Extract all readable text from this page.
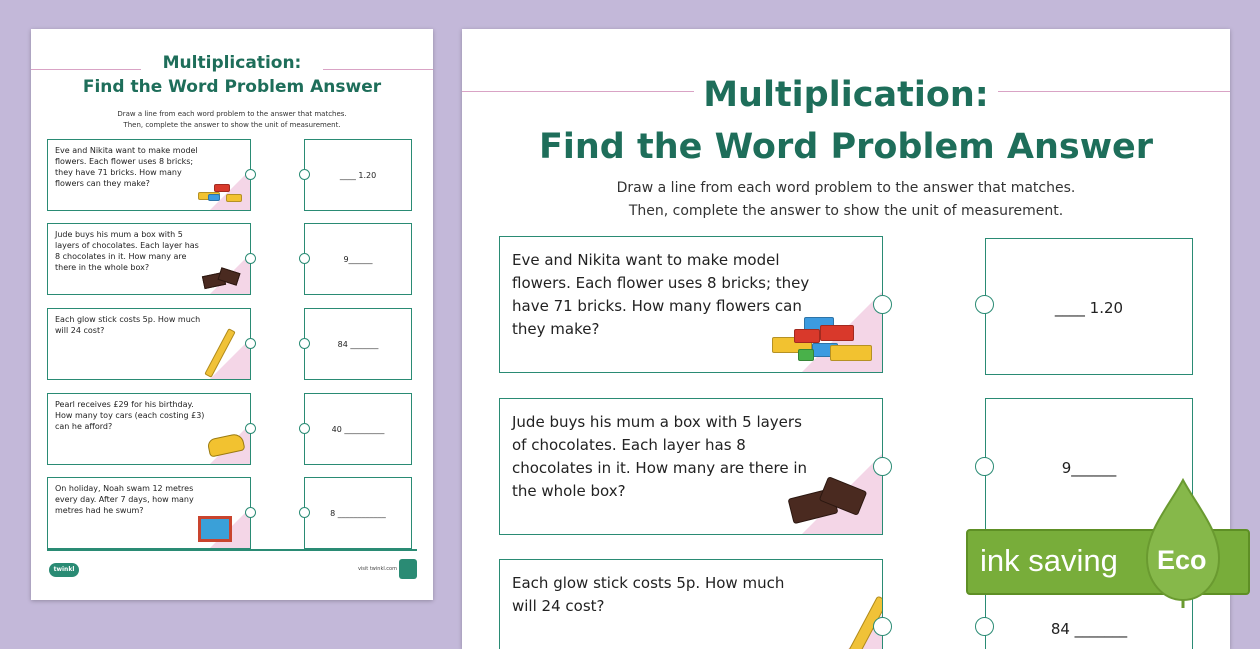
Multiplication:
Find the Word Problem Answer
Draw a line from each word problem to the answer that matches.
Then, complete the answer to show the unit of measurement.
Eve and Nikita want to make model flowers. Each flower uses 8 bricks; they have 71 bricks. How many flowers can they make?
____ 1.20
Jude buys his mum a box with 5 layers of chocolates. Each layer has 8 chocolates in it. How many are there in the whole box?
9______
Each glow stick costs 5p. How much will 24 cost?
84 _______
Pearl receives £29 for his birthday. How many toy cars (each costing £3) can he afford?	40 __________
On holiday, Noah swam 12 metres every day. After 7 days, how many metres had he swum?	8 ____________
twinkl	visit twinkl.com
Multiplication:
Find the Word Problem Answer
Draw a line from each word problem to the answer that matches.
Then, complete the answer to show the unit of measurement.
Eve and Nikita want to make model flowers. Each flower uses 8 bricks; they have 71 bricks. How many flowers can they make?
____ 1.20
Jude buys his mum a box with 5 layers of chocolates. Each layer has 8 chocolates in it. How many are there in the whole box?
9______
Each glow stick costs 5p. How much will 24 cost?
84 _______
ink saving Eco
